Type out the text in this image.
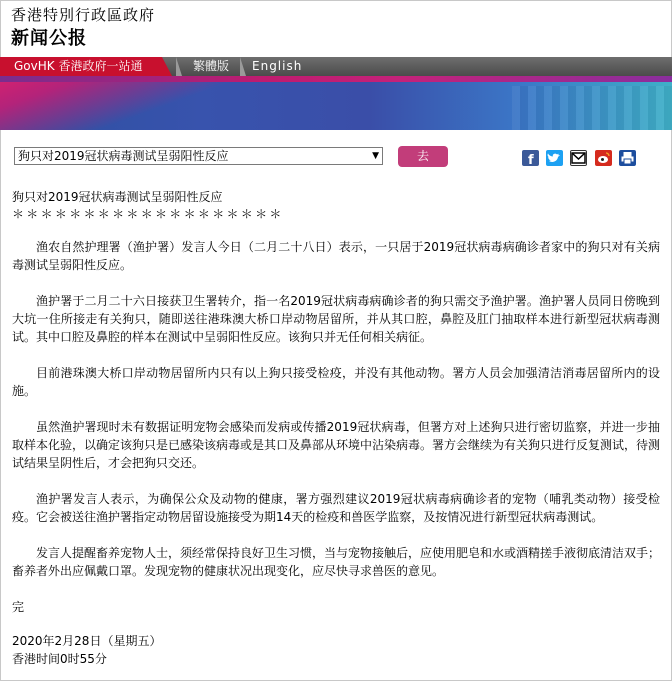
香港特別行政區政府
新闻公报
GovHK 香港政府一站通	繁體版 English
狗只对2019冠状病毒测试呈弱阳性反应	▼	去	f
狗只对2019冠状病毒测试呈弱阳性反应
＊＊＊＊＊＊＊＊＊＊＊＊＊＊＊＊＊＊＊
渔农自然护理署（渔护署）发言人今日（二月二十八日）表示，一只居于2019冠状病毒病确诊者家中的狗只对有关病毒测试呈弱阳性反应。
渔护署于二月二十六日接获卫生署转介，指一名2019冠状病毒病确诊者的狗只需交予渔护署。渔护署人员同日傍晚到大坑一住所接走有关狗只，随即送往港珠澳大桥口岸动物居留所，并从其口腔，鼻腔及肛门抽取样本进行新型冠状病毒测试。其中口腔及鼻腔的样本在测试中呈弱阳性反应。该狗只并无任何相关病征。
目前港珠澳大桥口岸动物居留所内只有以上狗只接受检疫，并没有其他动物。署方人员会加强清洁消毒居留所内的设施。
虽然渔护署现时未有数据证明宠物会感染而发病或传播2019冠状病毒，但署方对上述狗只进行密切监察，并进一步抽取样本化验，以确定该狗只是已感染该病毒或是其口及鼻部从环境中沾染病毒。署方会继续为有关狗只进行反复测试，待测试结果呈阴性后，才会把狗只交还。
渔护署发言人表示，为确保公众及动物的健康，署方强烈建议2019冠状病毒病确诊者的宠物（哺乳类动物）接受检疫。它会被送往渔护署指定动物居留设施接受为期14天的检疫和兽医学监察，及按情况进行新型冠状病毒测试。
发言人提醒畜养宠物人士，须经常保持良好卫生习惯，当与宠物接触后，应使用肥皂和水或酒精搓手液彻底清洁双手；畜养者外出应佩戴口罩。发现宠物的健康状况出现变化，应尽快寻求兽医的意见。
完
2020年2月28日（星期五）
香港时间0时55分
